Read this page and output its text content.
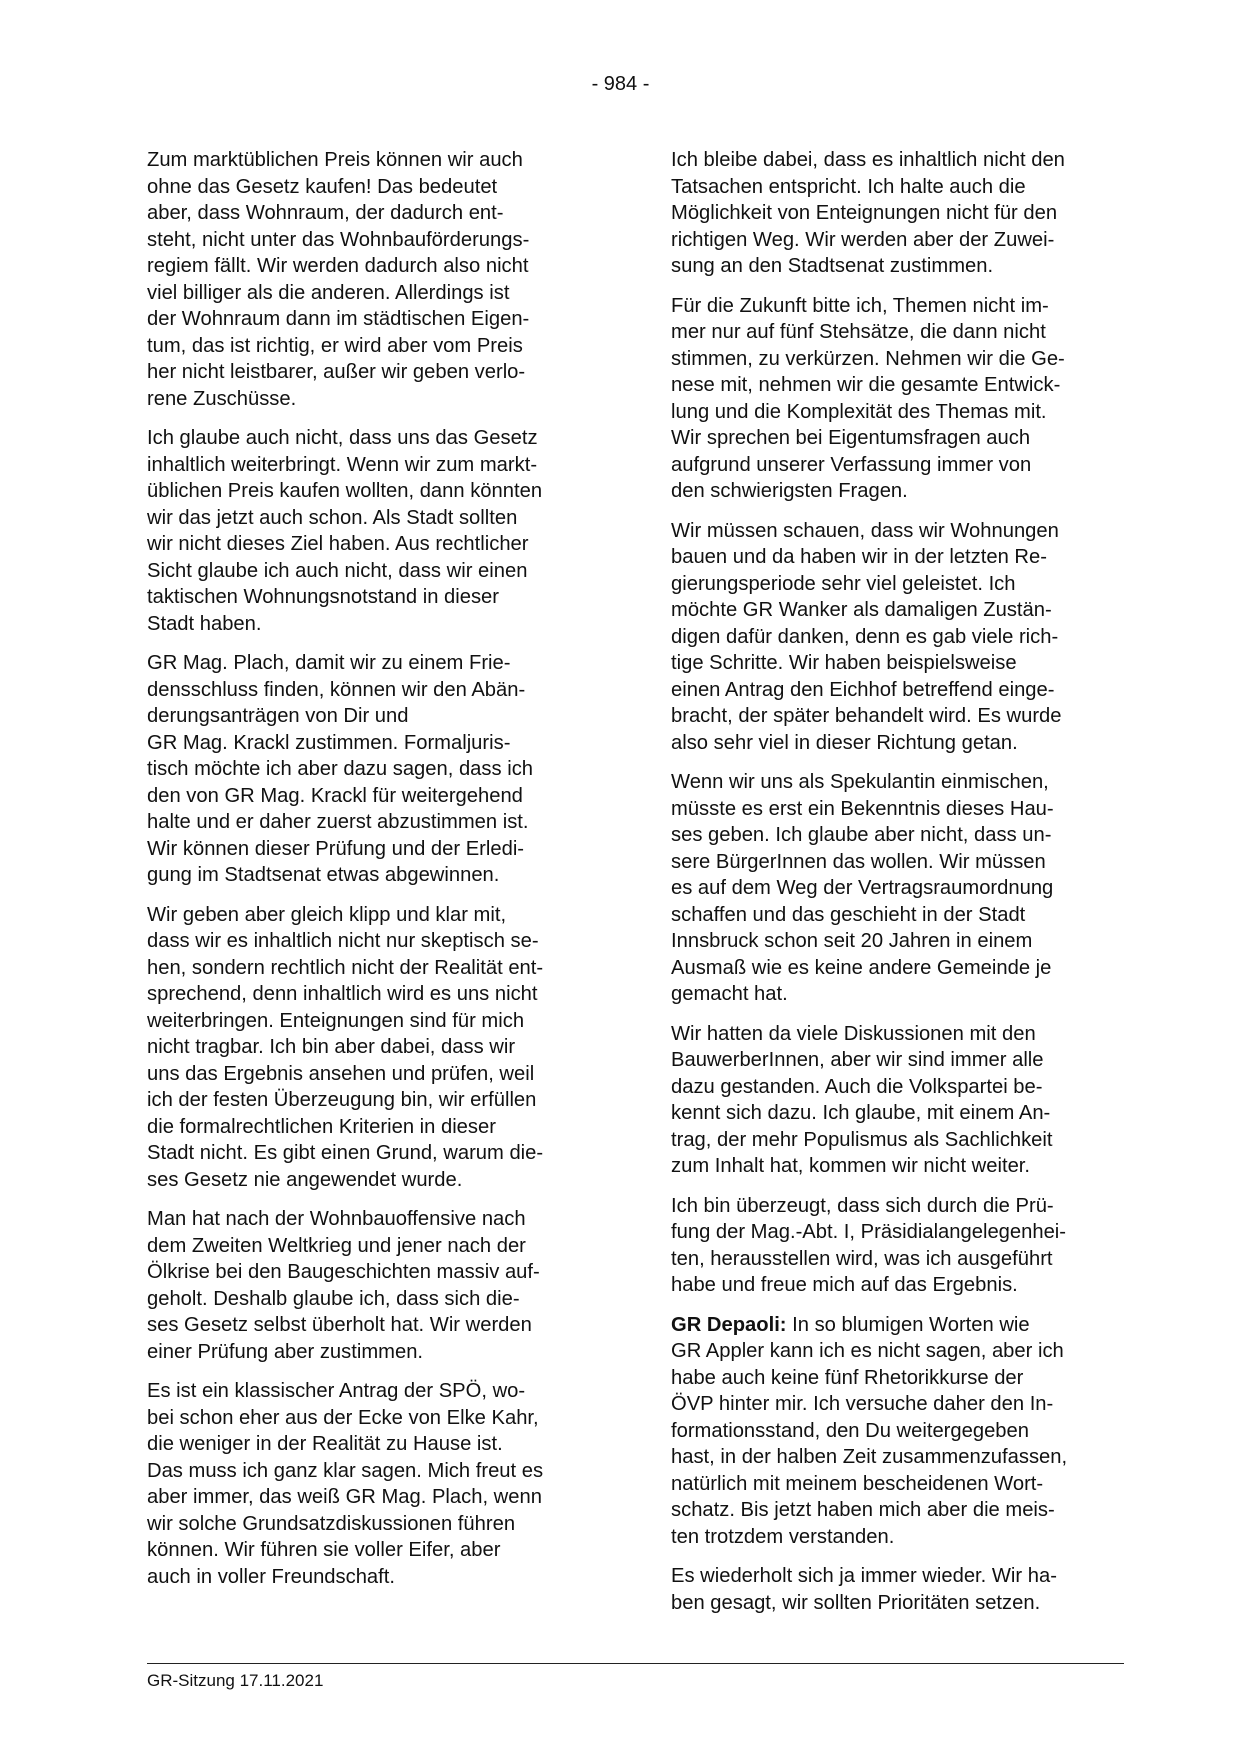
- 984 -

Zum marktüblichen Preis können wir auch
ohne das Gesetz kaufen! Das bedeutet
aber, dass Wohnraum, der dadurch ent-
steht, nicht unter das Wohnbauförderungs-
regiem fällt. Wir werden dadurch also nicht
viel billiger als die anderen. Allerdings ist
der Wohnraum dann im städtischen Eigen-
tum, das ist richtig, er wird aber vom Preis
her nicht leistbarer, außer wir geben verlo-
rene Zuschüsse.

Ich glaube auch nicht, dass uns das Gesetz
inhaltlich weiterbringt. Wenn wir zum markt-
üblichen Preis kaufen wollten, dann könnten
wir das jetzt auch schon. Als Stadt sollten
wir nicht dieses Ziel haben. Aus rechtlicher
Sicht glaube ich auch nicht, dass wir einen
taktischen Wohnungsnotstand in dieser
Stadt haben.

GR Mag. Plach, damit wir zu einem Frie-
densschluss finden, können wir den Abän-
derungsanträgen von Dir und
GR Mag. Krackl zustimmen. Formaljuris-
tisch möchte ich aber dazu sagen, dass ich
den von GR Mag. Krackl für weitergehend
halte und er daher zuerst abzustimmen ist.
Wir können dieser Prüfung und der Erledi-
gung im Stadtsenat etwas abgewinnen.

Wir geben aber gleich klipp und klar mit,
dass wir es inhaltlich nicht nur skeptisch se-
hen, sondern rechtlich nicht der Realität ent-
sprechend, denn inhaltlich wird es uns nicht
weiterbringen. Enteignungen sind für mich
nicht tragbar. Ich bin aber dabei, dass wir
uns das Ergebnis ansehen und prüfen, weil
ich der festen Überzeugung bin, wir erfüllen
die formalrechtlichen Kriterien in dieser
Stadt nicht. Es gibt einen Grund, warum die-
ses Gesetz nie angewendet wurde.

Man hat nach der Wohnbauoffensive nach
dem Zweiten Weltkrieg und jener nach der
Ölkrise bei den Baugeschichten massiv auf-
geholt. Deshalb glaube ich, dass sich die-
ses Gesetz selbst überholt hat. Wir werden
einer Prüfung aber zustimmen.

Es ist ein klassischer Antrag der SPÖ, wo-
bei schon eher aus der Ecke von Elke Kahr,
die weniger in der Realität zu Hause ist.
Das muss ich ganz klar sagen. Mich freut es
aber immer, das weiß GR Mag. Plach, wenn
wir solche Grundsatzdiskussionen führen
können. Wir führen sie voller Eifer, aber
auch in voller Freundschaft.

Ich bleibe dabei, dass es inhaltlich nicht den
Tatsachen entspricht. Ich halte auch die
Möglichkeit von Enteignungen nicht für den
richtigen Weg. Wir werden aber der Zuwei-
sung an den Stadtsenat zustimmen.

Für die Zukunft bitte ich, Themen nicht im-
mer nur auf fünf Stehsätze, die dann nicht
stimmen, zu verkürzen. Nehmen wir die Ge-
nese mit, nehmen wir die gesamte Entwick-
lung und die Komplexität des Themas mit.
Wir sprechen bei Eigentumsfragen auch
aufgrund unserer Verfassung immer von
den schwierigsten Fragen.

Wir müssen schauen, dass wir Wohnungen
bauen und da haben wir in der letzten Re-
gierungsperiode sehr viel geleistet. Ich
möchte GR Wanker als damaligen Zustän-
digen dafür danken, denn es gab viele rich-
tige Schritte. Wir haben beispielsweise
einen Antrag den Eichhof betreffend einge-
bracht, der später behandelt wird. Es wurde
also sehr viel in dieser Richtung getan.

Wenn wir uns als Spekulantin einmischen,
müsste es erst ein Bekenntnis dieses Hau-
ses geben. Ich glaube aber nicht, dass un-
sere BürgerInnen das wollen. Wir müssen
es auf dem Weg der Vertragsraumordnung
schaffen und das geschieht in der Stadt
Innsbruck schon seit 20 Jahren in einem
Ausmaß wie es keine andere Gemeinde je
gemacht hat.

Wir hatten da viele Diskussionen mit den
BauwerberInnen, aber wir sind immer alle
dazu gestanden. Auch die Volkspartei be-
kennt sich dazu. Ich glaube, mit einem An-
trag, der mehr Populismus als Sachlichkeit
zum Inhalt hat, kommen wir nicht weiter.

Ich bin überzeugt, dass sich durch die Prü-
fung der Mag.-Abt. I, Präsidialangelegenhei-
ten, herausstellen wird, was ich ausgeführt
habe und freue mich auf das Ergebnis.

GR Depaoli: In so blumigen Worten wie
GR Appler kann ich es nicht sagen, aber ich
habe auch keine fünf Rhetorikkurse der
ÖVP hinter mir. Ich versuche daher den In-
formationsstand, den Du weitergegeben
hast, in der halben Zeit zusammenzufassen,
natürlich mit meinem bescheidenen Wort-
schatz. Bis jetzt haben mich aber die meis-
ten trotzdem verstanden.

Es wiederholt sich ja immer wieder. Wir ha-
ben gesagt, wir sollten Prioritäten setzen.

GR-Sitzung 17.11.2021
